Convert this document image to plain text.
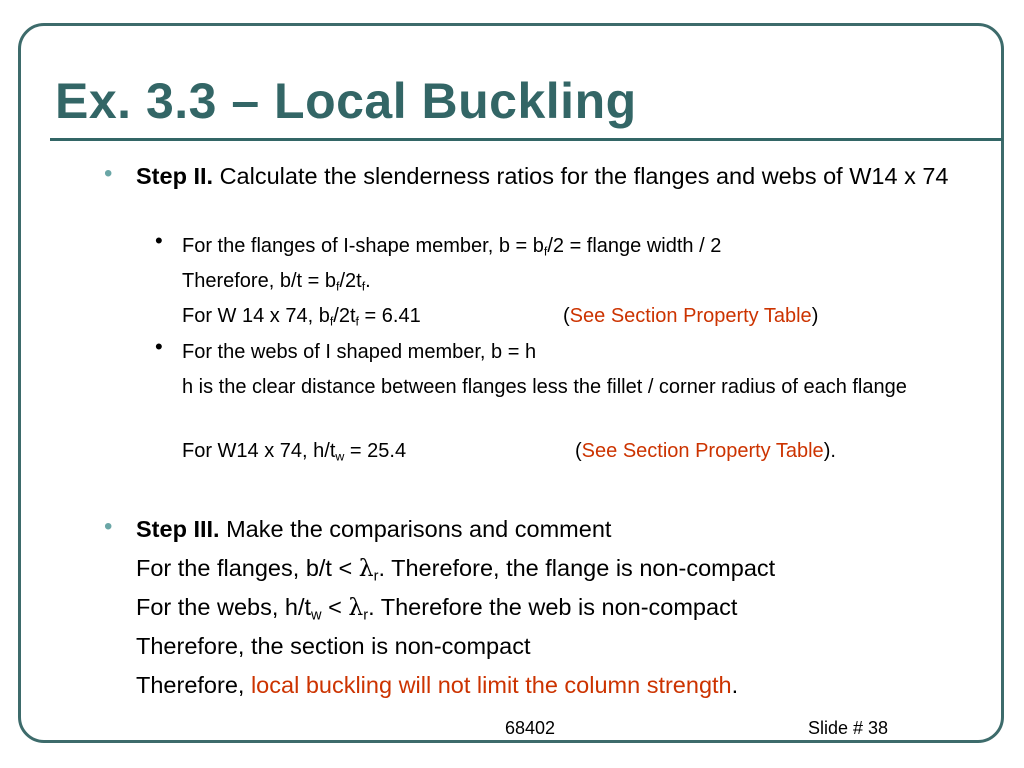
Ex. 3.3 – Local Buckling
• Step II. Calculate the slenderness ratios for the flanges and webs of W14 x 74
• For the flanges of I-shape member, $b = b_f/2$ = flange width / 2
Therefore, $b/t = b_f/2t_f$.
For W 14 x 74, $b_f/2t_f = 6.41$	(See Section Property Table)
• For the webs of I shaped member, b = h
h is the clear distance between flanges less the fillet / corner radius of each flange
For W14 x 74, $h/t_w = 25.4$	(See Section Property Table).
• Step III. Make the comparisons and comment
For the flanges, $b/t < \lambda_r$. Therefore, the flange is non-compact
For the webs, $h/t_w < \lambda_r$. Therefore the web is non-compact
Therefore, the section is non-compact
Therefore, local buckling will not limit the column strength.
68402	Slide # 38
